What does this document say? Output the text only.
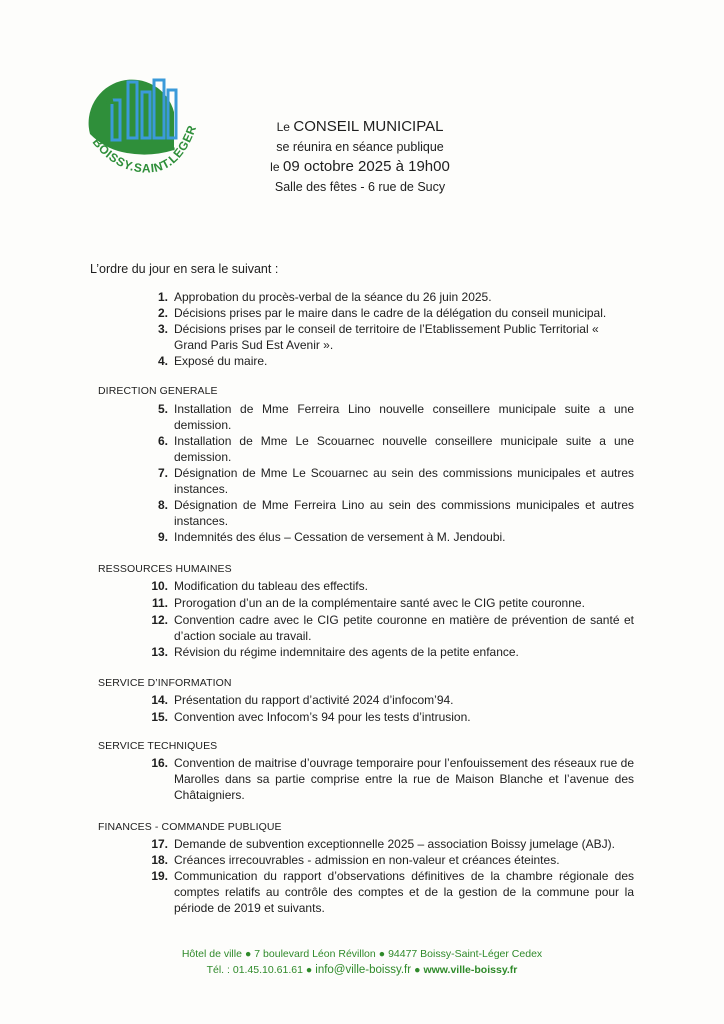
BOISSY.SAINT.LÉGER	Le CONSEIL MUNICIPAL
se réunira en séance publique
le 09 octobre 2025 à 19h00
Salle des fêtes - 6 rue de Sucy
L’ordre du jour en sera le suivant :
1. Approbation du procès-verbal de la séance du 26 juin 2025.
2. Décisions prises par le maire dans le cadre de la délégation du conseil municipal.
3. Décisions prises par le conseil de territoire de l’Etablissement Public Territorial « Grand Paris Sud Est Avenir ».
4. Exposé du maire.
DIRECTION GENERALE
5. Installation de Mme Ferreira Lino nouvelle conseillere municipale suite a une demission.
6. Installation de Mme Le Scouarnec nouvelle conseillere municipale suite a une demission.
7. Désignation de Mme Le Scouarnec au sein des commissions municipales et autres instances.
8. Désignation de Mme Ferreira Lino au sein des commissions municipales et autres instances.
9. Indemnités des élus – Cessation de versement à M. Jendoubi.
RESSOURCES HUMAINES
10. Modification du tableau des effectifs.
11. Prorogation d’un an de la complémentaire santé avec le CIG petite couronne.
12. Convention cadre avec le CIG petite couronne en matière de prévention de santé et d’action sociale au travail.
13. Révision du régime indemnitaire des agents de la petite enfance.
SERVICE D’INFORMATION
14. Présentation du rapport d’activité 2024 d’infocom’94.
15. Convention avec Infocom’s 94 pour les tests d’intrusion.
SERVICE TECHNIQUES
16. Convention de maitrise d’ouvrage temporaire pour l’enfouissement des réseaux rue de Marolles dans sa partie comprise entre la rue de Maison Blanche et l’avenue des Châtaigniers.
FINANCES - COMMANDE PUBLIQUE
17. Demande de subvention exceptionnelle 2025 – association Boissy jumelage (ABJ).
18. Créances irrecouvrables - admission en non-valeur et créances éteintes.
19. Communication du rapport d’observations définitives de la chambre régionale des comptes relatifs au contrôle des comptes et de la gestion de la commune pour la période de 2019 et suivants.
Hôtel de ville ● 7 boulevard Léon Révillon ● 94477 Boissy-Saint-Léger Cedex
Tél. : 01.45.10.61.61 ● info@ville-boissy.fr ● www.ville-boissy.fr
